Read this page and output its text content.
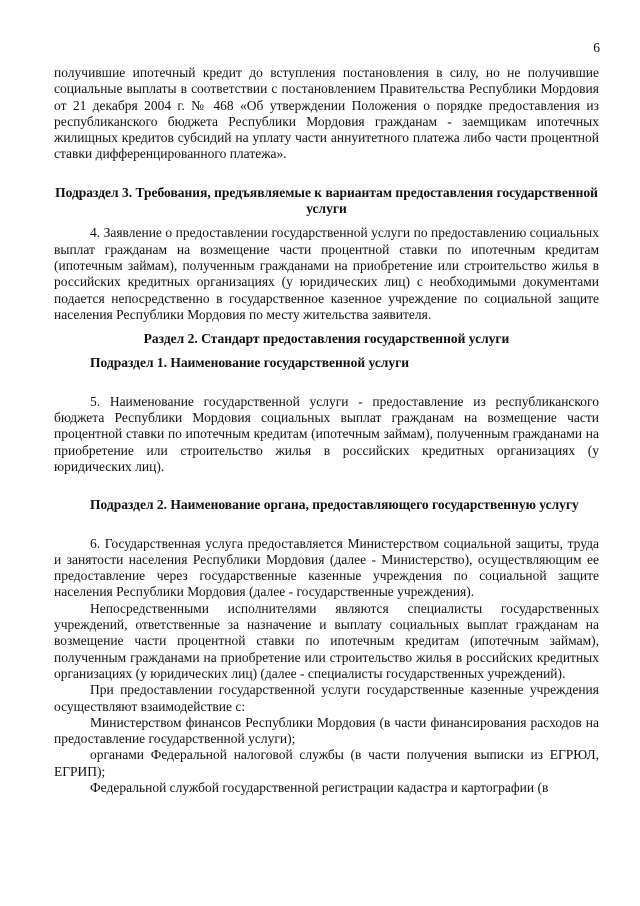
6

получившие ипотечный кредит до вступления постановления в силу, но не получившие социальные выплаты в соответствии с постановлением Правительства Республики Мордовия от 21 декабря 2004 г. № 468 «Об утверждении Положения о порядке предоставления из республиканского бюджета Республики Мордовия гражданам - заемщикам ипотечных жилищных кредитов субсидий на уплату части аннуитетного платежа либо части процентной ставки дифференцированного платежа».

Подраздел 3. Требования, предъявляемые к вариантам предоставления государственной услуги

4. Заявление о предоставлении государственной услуги по предоставлению социальных выплат гражданам на возмещение части процентной ставки по ипотечным кредитам (ипотечным займам), полученным гражданами на приобретение или строительство жилья в российских кредитных организациях (у юридических лиц) с необходимыми документами подается непосредственно в государственное казенное учреждение по социальной защите населения Республики Мордовия по месту жительства заявителя.

Раздел 2. Стандарт предоставления государственной услуги

Подраздел 1. Наименование государственной услуги

5. Наименование государственной услуги - предоставление из республиканского бюджета Республики Мордовия социальных выплат гражданам на возмещение части процентной ставки по ипотечным кредитам (ипотечным займам), полученным гражданами на приобретение или строительство жилья в российских кредитных организациях (у юридических лиц).

Подраздел 2. Наименование органа, предоставляющего государственную услугу

6. Государственная услуга предоставляется Министерством социальной защиты, труда и занятости населения Республики Мордовия (далее - Министерство), осуществляющим ее предоставление через государственные казенные учреждения по социальной защите населения Республики Мордовия (далее - государственные учреждения).

Непосредственными исполнителями являются специалисты государственных учреждений, ответственные за назначение и выплату социальных выплат гражданам на возмещение части процентной ставки по ипотечным кредитам (ипотечным займам), полученным гражданами на приобретение или строительство жилья в российских кредитных организациях (у юридических лиц) (далее - специалисты государственных учреждений).

При предоставлении государственной услуги государственные казенные учреждения осуществляют взаимодействие с:

Министерством финансов Республики Мордовия (в части финансирования расходов на предоставление государственной услуги);

органами Федеральной налоговой службы (в части получения выписки из ЕГРЮЛ, ЕГРИП);

Федеральной службой государственной регистрации кадастра и картографии (в
